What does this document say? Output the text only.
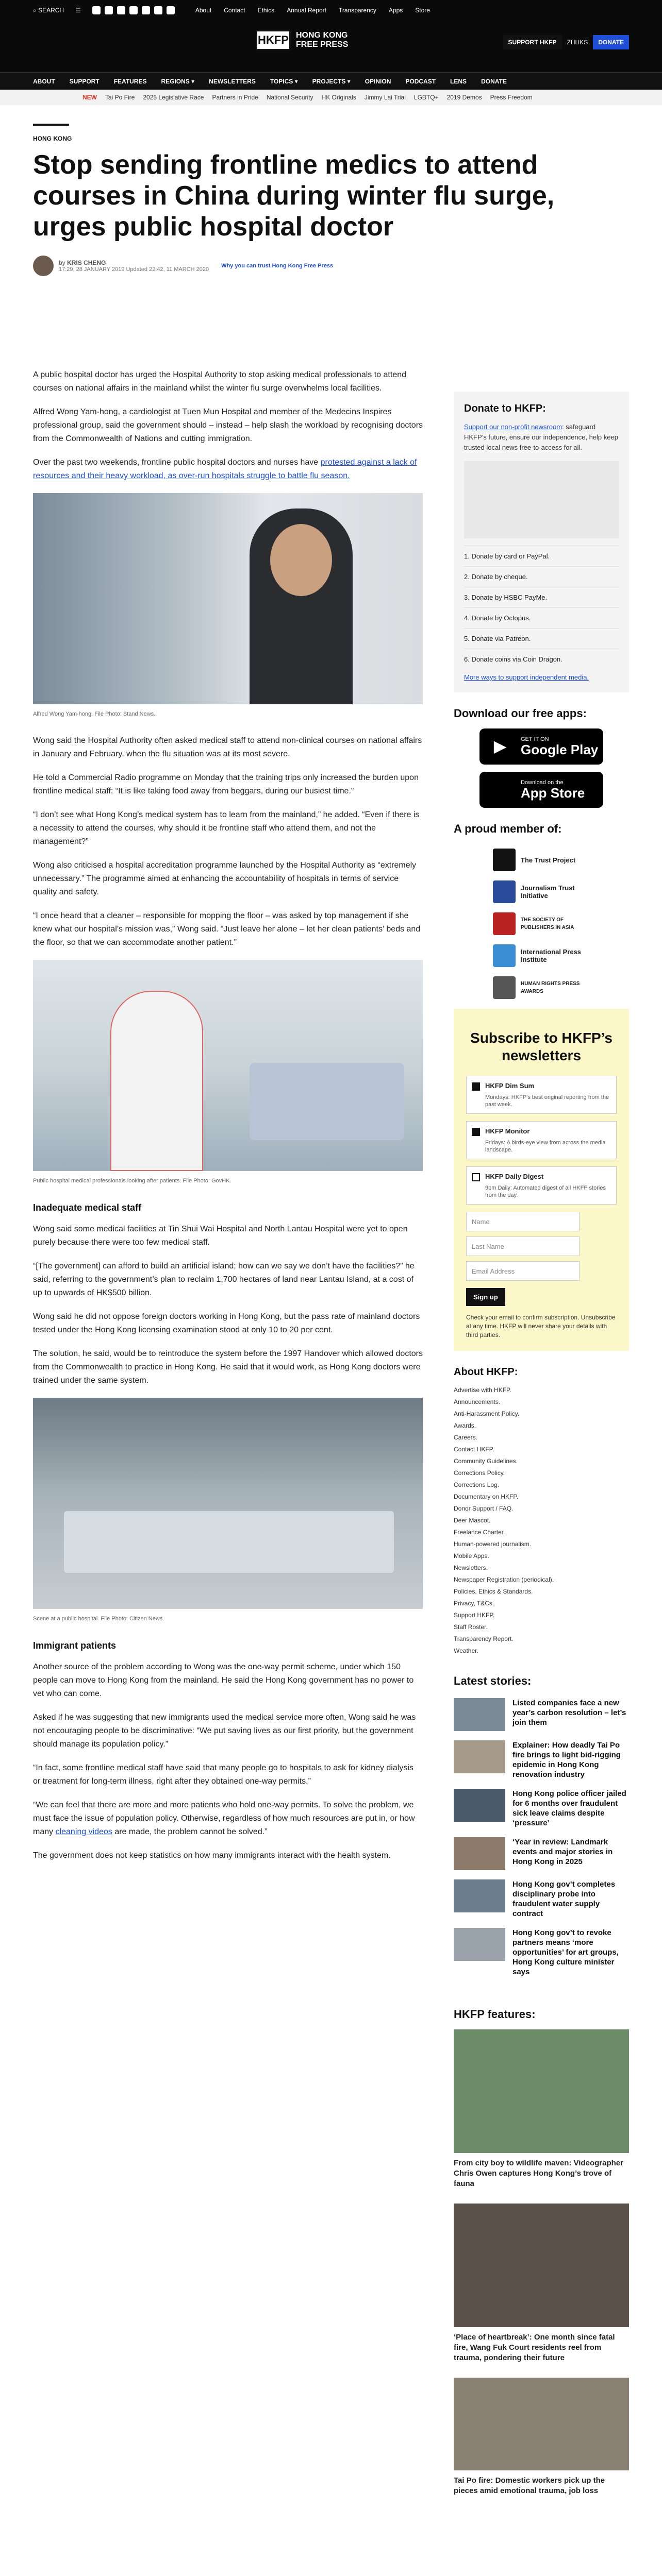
⌕ SEARCH ☰	About Contact Ethics Annual Report Transparency Apps Store
HKFP HONG KONG
FREE PRESS	SUPPORT HKFP	ZHHKS	DONATE
ABOUT SUPPORT FEATURES REGIONS ▾ NEWSLETTERS TOPICS ▾ PROJECTS ▾ OPINION PODCAST LENS DONATE
NEW Tai Po Fire 2025 Legislative Race Partners in Pride National Security HK Originals Jimmy Lai Trial LGBTQ+ 2019 Demos Press Freedom
HONG KONG
Stop sending frontline medics to attend courses in China during winter flu surge, urges public hospital doctor
by KRIS CHENG
17:29, 28 JANUARY 2019 Updated 22:42, 11 MARCH 2020
Why you can trust Hong Kong Free Press

A public hospital doctor has urged the Hospital Authority to stop asking medical professionals to attend courses on national affairs in the mainland whilst the winter flu surge overwhelms local facilities.

Alfred Wong Yam-hong, a cardiologist at Tuen Mun Hospital and member of the Medecins Inspires professional group, said the government should – instead – help slash the workload by recognising doctors from the Commonwealth of Nations and cutting immigration.

Over the past two weekends, frontline public hospital doctors and nurses have protested against a lack of resources and their heavy workload, as over-run hospitals struggle to battle flu season.

Alfred Wong Yam-hong. File Photo: Stand News.

Wong said the Hospital Authority often asked medical staff to attend non-clinical courses on national affairs in January and February, when the flu situation was at its most severe.

He told a Commercial Radio programme on Monday that the training trips only increased the burden upon frontline medical staff: “It is like taking food away from beggars, during our busiest time.”

“I don’t see what Hong Kong’s medical system has to learn from the mainland,” he added. “Even if there is a necessity to attend the courses, why should it be frontline staff who attend them, and not the management?”

Wong also criticised a hospital accreditation programme launched by the Hospital Authority as “extremely unnecessary.” The programme aimed at enhancing the accountability of hospitals in terms of service quality and safety.

“I once heard that a cleaner – responsible for mopping the floor – was asked by top management if she knew what our hospital’s mission was,” Wong said. “Just leave her alone – let her clean patients’ beds and the floor, so that we can accommodate another patient.”

Public hospital medical professionals looking after patients. File Photo: GovHK.
Inadequate medical staff

Wong said some medical facilities at Tin Shui Wai Hospital and North Lantau Hospital were yet to open purely because there were too few medical staff.

“[The government] can afford to build an artificial island; how can we say we don’t have the facilities?” he said, referring to the government’s plan to reclaim 1,700 hectares of land near Lantau Island, at a cost of up to upwards of HK$500 billion.

Wong said he did not oppose foreign doctors working in Hong Kong, but the pass rate of mainland doctors tested under the Hong Kong licensing examination stood at only 10 to 20 per cent.

The solution, he said, would be to reintroduce the system before the 1997 Handover which allowed doctors from the Commonwealth to practice in Hong Kong. He said that it would work, as Hong Kong doctors were trained under the same system.

Scene at a public hospital. File Photo: Citizen News.
Immigrant patients

Another source of the problem according to Wong was the one-way permit scheme, under which 150 people can move to Hong Kong from the mainland. He said the Hong Kong government has no power to vet who can come.

Asked if he was suggesting that new immigrants used the medical service more often, Wong said he was not encouraging people to be discriminative: “We put saving lives as our first priority, but the government should manage its population policy.”

“In fact, some frontline medical staff have said that many people go to hospitals to ask for kidney dialysis or treatment for long-term illness, right after they obtained one-way permits.”

“We can feel that there are more and more patients who hold one-way permits. To solve the problem, we must face the issue of population policy. Otherwise, regardless of how much resources are put in, or how many cleaning videos are made, the problem cannot be solved.”

The government does not keep statistics on how many immigrants interact with the health system.

Donate to HKFP:

Support our non-profit newsroom: safeguard HKFP’s future, ensure our independence, help keep trusted local news free-to-access for all.

1. Donate by card or PayPal.
2. Donate by cheque.
3. Donate by HSBC PayMe.
4. Donate by Octopus.
5. Donate via Patreon.
6. Donate coins via Coin Dragon.
More ways to support independent media.
Download our free apps:
▶	GET IT ON
Google Play
Download on the
App Store
A proud member of:
The Trust Project
Journalism Trust Initiative
THE SOCIETY OF PUBLISHERS IN ASIA
International Press Institute
HUMAN RIGHTS PRESS AWARDS
Subscribe to HKFP’s newsletters
HKFP Dim Sum
Mondays: HKFP’s best original reporting from the past week.
HKFP Monitor
Fridays: A birds-eye view from across the media landscape.
HKFP Daily Digest
9pm Daily: Automated digest of all HKFP stories from the day.
Name
Last Name
Email Address
Sign up
Check your email to confirm subscription. Unsubscribe at any time. HKFP will never share your details with third parties.
About HKFP:
Advertise with HKFP.
Announcements.
Anti-Harassment Policy.
Awards.
Careers.
Contact HKFP.
Community Guidelines.
Corrections Policy.
Corrections Log.
Documentary on HKFP.
Donor Support / FAQ.
Deer Mascot.
Freelance Charter.
Human-powered journalism.
Mobile Apps.
Newsletters.
Newspaper Registration (periodical).
Policies, Ethics & Standards.
Privacy, T&Cs.
Support HKFP.
Staff Roster.
Transparency Report.
Weather.
Latest stories:
Listed companies face a new year’s carbon resolution – let’s join them
Explainer: How deadly Tai Po fire brings to light bid-rigging epidemic in Hong Kong renovation industry
Hong Kong police officer jailed for 6 months over fraudulent sick leave claims despite ‘pressure’
‘Year in review: Landmark events and major stories in Hong Kong in 2025
Hong Kong gov’t completes disciplinary probe into fraudulent water supply contract
Hong Kong gov’t to revoke partners means ‘more opportunities’ for art groups, Hong Kong culture minister says
HKFP features:
From city boy to wildlife maven: Videographer Chris Owen captures Hong Kong’s trove of fauna
‘Place of heartbreak’: One month since fatal fire, Wang Fuk Court residents reel from trauma, pondering their future
Tai Po fire: Domestic workers pick up the pieces amid emotional trauma, job loss
